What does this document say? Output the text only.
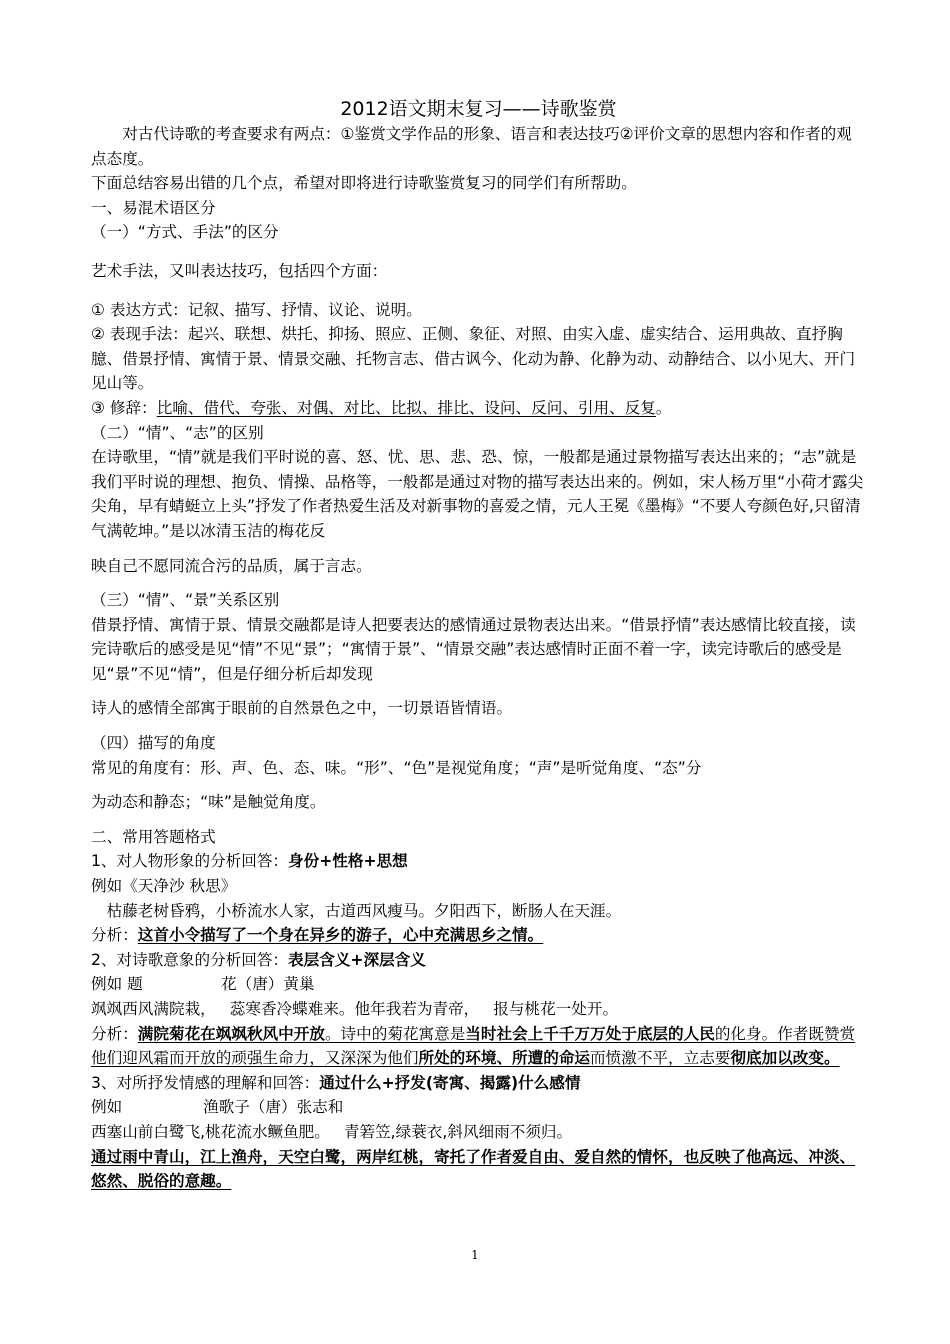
2012语文期末复习——诗歌鉴赏

对古代诗歌的考查要求有两点：①鉴赏文学作品的形象、语言和表达技巧②评价文章的思想内容和作者的观点态度。

下面总结容易出错的几个点，希望对即将进行诗歌鉴赏复习的同学们有所帮助。

一、易混术语区分

（一）“方式、手法”的区分

艺术手法，又叫表达技巧，包括四个方面：

① 表达方式：记叙、描写、抒情、议论、说明。

② 表现手法：起兴、联想、烘托、抑扬、照应、正侧、象征、对照、由实入虚、虚实结合、运用典故、直抒胸臆、借景抒情、寓情于景、情景交融、托物言志、借古讽今、化动为静、化静为动、动静结合、以小见大、开门见山等。

③ 修辞：比喻、借代、夸张、对偶、对比、比拟、排比、设问、反问、引用、反复。

（二）“情”、“志”的区别

在诗歌里，“情”就是我们平时说的喜、怒、忧、思、悲、恐、惊，一般都是通过景物描写表达出来的；“志”就是我们平时说的理想、抱负、情操、品格等，一般都是通过对物的描写表达出来的。例如，宋人杨万里“小荷才露尖尖角，早有蜻蜓立上头”抒发了作者热爱生活及对新事物的喜爱之情，元人王冕《墨梅》“不要人夸颜色好,只留清气满乾坤。”是以冰清玉洁的梅花反

映自己不愿同流合污的品质，属于言志。

（三）“情”、“景”关系区别

借景抒情、寓情于景、情景交融都是诗人把要表达的感情通过景物表达出来。“借景抒情”表达感情比较直接，读完诗歌后的感受是见“情”不见“景”；“寓情于景”、“情景交融”表达感情时正面不着一字，读完诗歌后的感受是见“景”不见“情”，但是仔细分析后却发现

诗人的感情全部寓于眼前的自然景色之中，一切景语皆情语。

（四）描写的角度

常见的角度有：形、声、色、态、味。“形”、“色”是视觉角度；“声”是听觉角度、“态”分

为动态和静态；“味”是触觉角度。

二、常用答题格式

1、对人物形象的分析回答：身份+性格+思想

例如《天净沙 秋思》

枯藤老树昏鸦，小桥流水人家，古道西风瘦马。夕阳西下，断肠人在天涯。

分析：这首小令描写了一个身在异乡的游子，心中充满思乡之情。

2、对诗歌意象的分析回答：表层含义+深层含义

例如 题	花（唐）黄巢

飒飒西风满院栽， 蕊寒香冷蝶难来。他年我若为青帝， 报与桃花一处开。

分析：满院菊花在飒飒秋风中开放。诗中的菊花寓意是当时社会上千千万万处于底层的人民的化身。作者既赞赏他们迎风霜而开放的顽强生命力，又深深为他们所处的环境、所遭的命运而愤激不平，立志要彻底加以改变。

3、对所抒发情感的理解和回答：通过什么+抒发(寄寓、揭露)什么感情

例如	渔歌子（唐）张志和

西塞山前白鹭飞,桃花流水鳜鱼肥。 青箬笠,绿蓑衣,斜风细雨不须归。

通过雨中青山，江上渔舟，天空白鹭，两岸红桃，寄托了作者爱自由、爱自然的情怀，也反映了他高远、冲淡、悠然、脱俗的意趣。

1
